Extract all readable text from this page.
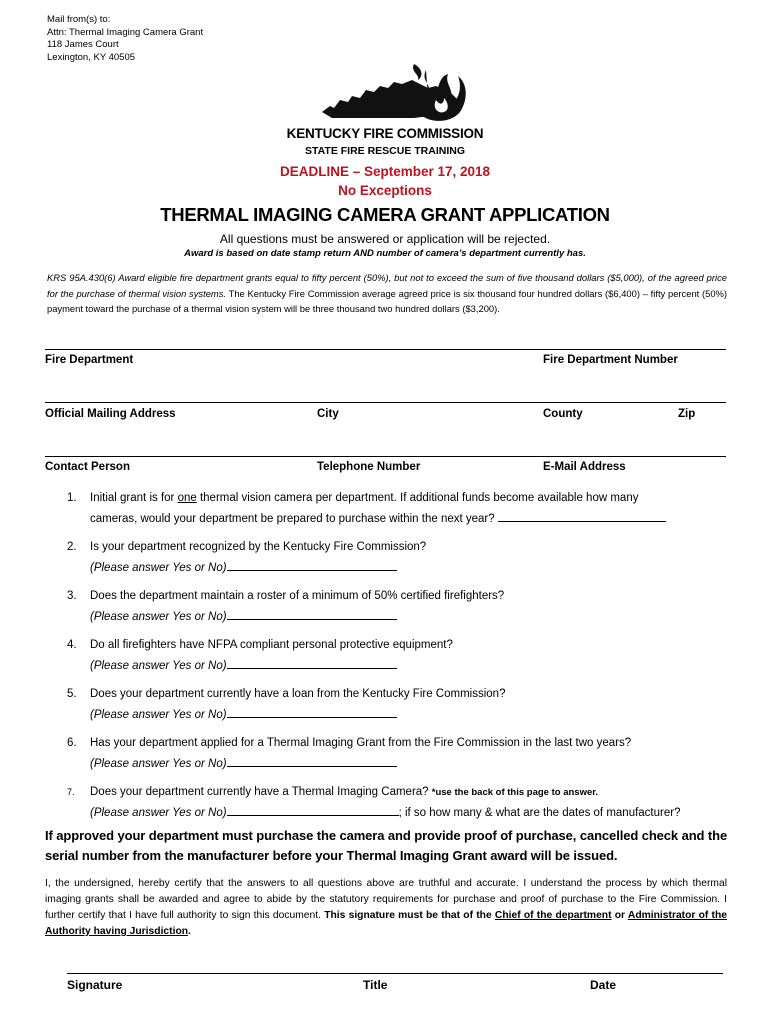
Mail from(s) to:
Attn: Thermal Imaging Camera Grant
118 James Court
Lexington, KY 40505
KENTUCKY FIRE COMMISSION
STATE FIRE RESCUE TRAINING
DEADLINE – September 17, 2018
No Exceptions
THERMAL IMAGING CAMERA GRANT APPLICATION
All questions must be answered or application will be rejected.
Award is based on date stamp return AND number of camera’s department currently has.
KRS 95A.430(6) Award eligible fire department grants equal to fifty percent (50%), but not to exceed the sum of five thousand dollars ($5,000), of the agreed price for the purchase of thermal vision systems. The Kentucky Fire Commission average agreed price is six thousand four hundred dollars ($6,400) – fifty percent (50%) payment toward the purchase of a thermal vision system will be three thousand two hundred dollars ($3,200).
Fire Department	Fire Department Number
Official Mailing Address	City	County	Zip
Contact Person	Telephone Number	E-Mail Address
1. Initial grant is for one thermal vision camera per department. If additional funds become available how many
cameras, would your department be prepared to purchase within the next year?
2. Is your department recognized by the Kentucky Fire Commission?
(Please answer Yes or No)
3. Does the department maintain a roster of a minimum of 50% certified firefighters?
(Please answer Yes or No)
4. Do all firefighters have NFPA compliant personal protective equipment?
(Please answer Yes or No)
5. Does your department currently have a loan from the Kentucky Fire Commission?
(Please answer Yes or No)
6. Has your department applied for a Thermal Imaging Grant from the Fire Commission in the last two years?
(Please answer Yes or No)
7. Does your department currently have a Thermal Imaging Camera? *use the back of this page to answer.
(Please answer Yes or No)	; if so how many & what are the dates of manufacturer?
If approved your department must purchase the camera and provide proof of purchase, cancelled check and the serial number from the manufacturer before your Thermal Imaging Grant award will be issued.
I, the undersigned, hereby certify that the answers to all questions above are truthful and accurate. I understand the process by which thermal imaging grants shall be awarded and agree to abide by the statutory requirements for purchase and proof of purchase to the Fire Commission. I further certify that I have full authority to sign this document. This signature must be that of the Chief of the department or Administrator of the Authority having Jurisdiction.
Signature	Title	Date
